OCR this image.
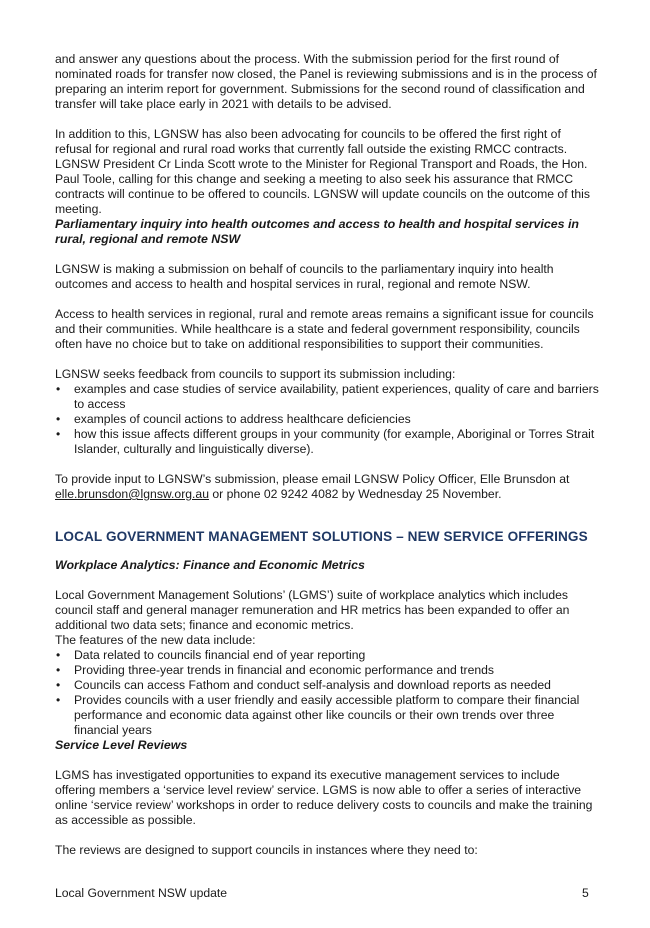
and answer any questions about the process. With the submission period for the first round of nominated roads for transfer now closed, the Panel is reviewing submissions and is in the process of preparing an interim report for government. Submissions for the second round of classification and transfer will take place early in 2021 with details to be advised.

In addition to this, LGNSW has also been advocating for councils to be offered the first right of refusal for regional and rural road works that currently fall outside the existing RMCC contracts. LGNSW President Cr Linda Scott wrote to the Minister for Regional Transport and Roads, the Hon. Paul Toole, calling for this change and seeking a meeting to also seek his assurance that RMCC contracts will continue to be offered to councils. LGNSW will update councils on the outcome of this meeting.

Parliamentary inquiry into health outcomes and access to health and hospital services in rural, regional and remote NSW

LGNSW is making a submission on behalf of councils to the parliamentary inquiry into health outcomes and access to health and hospital services in rural, regional and remote NSW.

Access to health services in regional, rural and remote areas remains a significant issue for councils and their communities. While healthcare is a state and federal government responsibility, councils often have no choice but to take on additional responsibilities to support their communities.

LGNSW seeks feedback from councils to support its submission including:

• examples and case studies of service availability, patient experiences, quality of care and barriers to access
• examples of council actions to address healthcare deficiencies
• how this issue affects different groups in your community (for example, Aboriginal or Torres Strait Islander, culturally and linguistically diverse).

To provide input to LGNSW’s submission, please email LGNSW Policy Officer, Elle Brunsdon at
elle.brunsdon@lgnsw.org.au or phone 02 9242 4082 by Wednesday 25 November.

LOCAL GOVERNMENT MANAGEMENT SOLUTIONS – NEW SERVICE OFFERINGS

Workplace Analytics: Finance and Economic Metrics

Local Government Management Solutions’ (LGMS’) suite of workplace analytics which includes council staff and general manager remuneration and HR metrics has been expanded to offer an additional two data sets; finance and economic metrics.

The features of the new data include:

• Data related to councils financial end of year reporting
• Providing three-year trends in financial and economic performance and trends
• Councils can access Fathom and conduct self-analysis and download reports as needed
• Provides councils with a user friendly and easily accessible platform to compare their financial performance and economic data against other like councils or their own trends over three financial years

Service Level Reviews

LGMS has investigated opportunities to expand its executive management services to include offering members a ‘service level review’ service. LGMS is now able to offer a series of interactive online ‘service review’ workshops in order to reduce delivery costs to councils and make the training as accessible as possible.

The reviews are designed to support councils in instances where they need to:

Local Government NSW update	5
